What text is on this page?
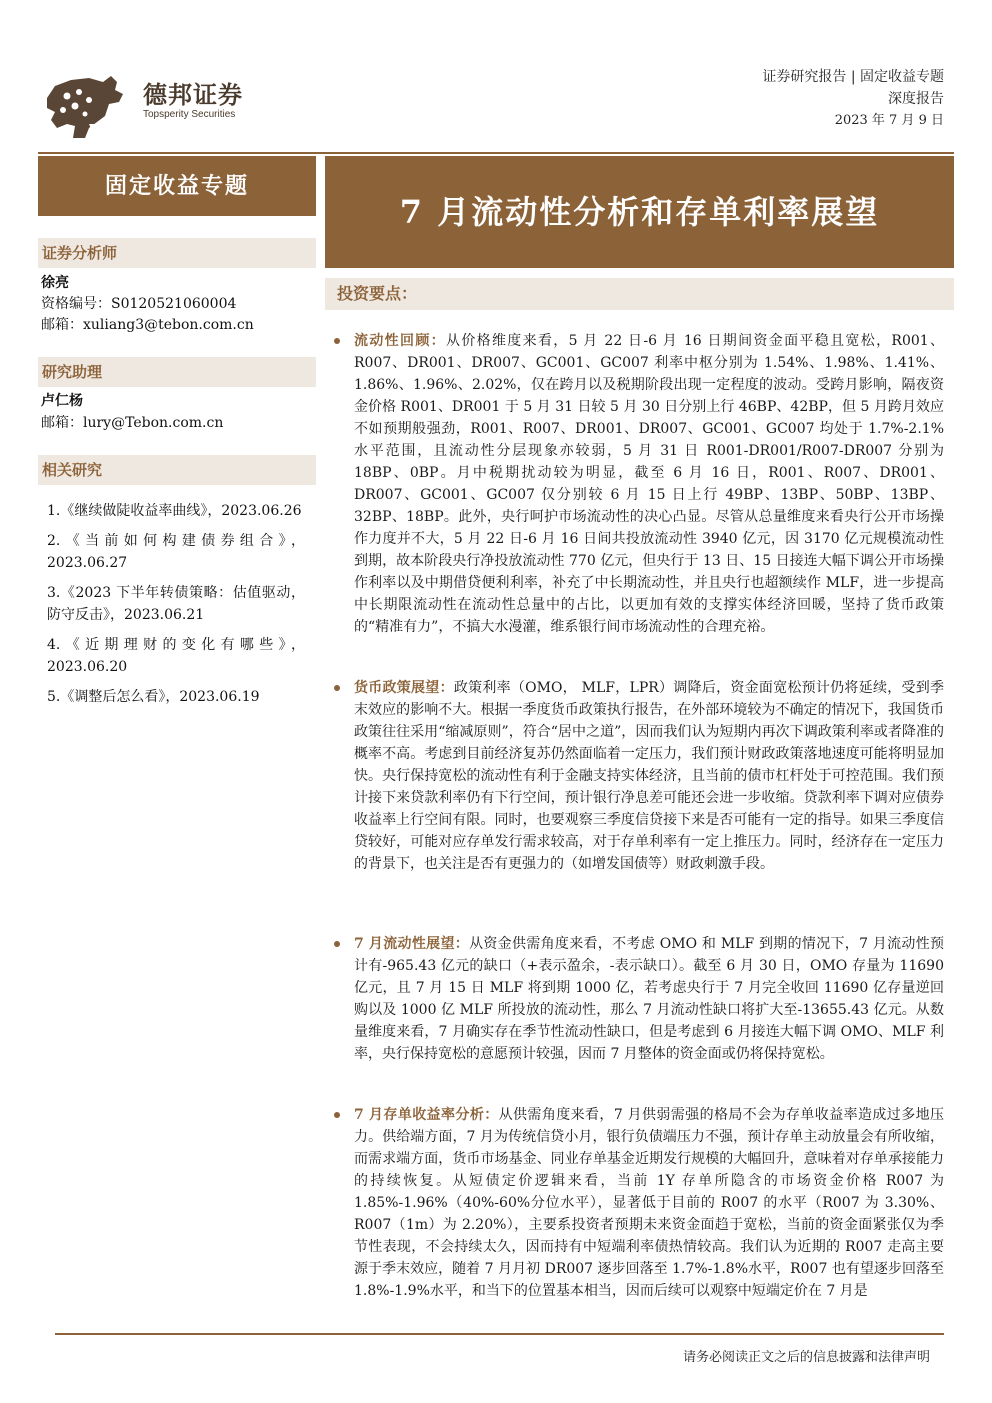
德邦证券
Topsperity Securities
证券研究报告 | 固定收益专题
深度报告
2023 年 7 月 9 日
固定收益专题
7 月流动性分析和存单利率展望
证券分析师
徐亮
资格编号：S0120521060004
邮箱：xuliang3@tebon.com.cn
研究助理
卢仁杨
邮箱：lury@Tebon.com.cn
相关研究
1.《继续做陡收益率曲线》，2023.06.26
2.《当前如何构建债券组合》，2023.06.27
3.《2023 下半年转债策略：估值驱动，防守反击》，2023.06.21
4.《近期理财的变化有哪些》，2023.06.20
5.《调整后怎么看》，2023.06.19
投资要点：
流动性回顾：从价格维度来看，5 月 22 日-6 月 16 日期间资金面平稳且宽松，R001、R007、DR001、DR007、GC001、GC007 利率中枢分别为 1.54%、1.98%、1.41%、1.86%、1.96%、2.02%，仅在跨月以及税期阶段出现一定程度的波动。受跨月影响，隔夜资金价格 R001、DR001 于 5 月 31 日较 5 月 30 日分别上行 46BP、42BP，但 5 月跨月效应不如预期般强劲，R001、R007、DR001、DR007、GC001、GC007 均处于 1.7%-2.1%水平范围，且流动性分层现象亦较弱，5 月 31 日 R001-DR001/R007-DR007 分别为 18BP、0BP。月中税期扰动较为明显，截至 6 月 16 日，R001、R007、DR001、DR007、GC001、GC007 仅分别较 6 月 15 日上行 49BP、13BP、50BP、13BP、32BP、18BP。此外，央行呵护市场流动性的决心凸显。尽管从总量维度来看央行公开市场操作力度并不大，5 月 22 日-6 月 16 日间共投放流动性 3940 亿元，因 3170 亿元规模流动性到期，故本阶段央行净投放流动性 770 亿元，但央行于 13 日、15 日接连大幅下调公开市场操作利率以及中期借贷便利利率，补充了中长期流动性，并且央行也超额续作 MLF，进一步提高中长期限流动性在流动性总量中的占比，以更加有效的支撑实体经济回暖，坚持了货币政策的“精准有力”，不搞大水漫灌，维系银行间市场流动性的合理充裕。
货币政策展望：政策利率（OMO， MLF，LPR）调降后，资金面宽松预计仍将延续，受到季末效应的影响不大。根据一季度货币政策执行报告，在外部环境较为不确定的情况下，我国货币政策往往采用“缩减原则”，符合“居中之道”，因而我们认为短期内再次下调政策利率或者降准的概率不高。考虑到目前经济复苏仍然面临着一定压力，我们预计财政政策落地速度可能将明显加快。央行保持宽松的流动性有利于金融支持实体经济，且当前的债市杠杆处于可控范围。我们预计接下来贷款利率仍有下行空间，预计银行净息差可能还会进一步收缩。贷款利率下调对应债券收益率上行空间有限。同时，也要观察三季度信贷接下来是否可能有一定的指导。如果三季度信贷较好，可能对应存单发行需求较高，对于存单利率有一定上推压力。同时，经济存在一定压力的背景下，也关注是否有更强力的（如增发国债等）财政刺激手段。
7 月流动性展望：从资金供需角度来看，不考虑 OMO 和 MLF 到期的情况下，7 月流动性预计有-965.43 亿元的缺口（+表示盈余，-表示缺口）。截至 6 月 30 日，OMO 存量为 11690 亿元，且 7 月 15 日 MLF 将到期 1000 亿，若考虑央行于 7 月完全收回 11690 亿存量逆回购以及 1000 亿 MLF 所投放的流动性，那么 7 月流动性缺口将扩大至-13655.43 亿元。从数量维度来看，7 月确实存在季节性流动性缺口，但是考虑到 6 月接连大幅下调 OMO、MLF 利率，央行保持宽松的意愿预计较强，因而 7 月整体的资金面或仍将保持宽松。
7 月存单收益率分析：从供需角度来看，7 月供弱需强的格局不会为存单收益率造成过多地压力。供给端方面，7 月为传统信贷小月，银行负债端压力不强，预计存单主动放量会有所收缩，而需求端方面，货币市场基金、同业存单基金近期发行规模的大幅回升，意味着对存单承接能力的持续恢复。从短债定价逻辑来看，当前 1Y 存单所隐含的市场资金价格 R007 为 1.85%-1.96%（40%-60%分位水平），显著低于目前的 R007 的水平（R007 为 3.30%、R007（1m）为 2.20%），主要系投资者预期未来资金面趋于宽松，当前的资金面紧张仅为季节性表现，不会持续太久，因而持有中短端利率债热情较高。我们认为近期的 R007 走高主要源于季末效应，随着 7 月月初 DR007 逐步回落至 1.7%-1.8%水平，R007 也有望逐步回落至 1.8%-1.9%水平，和当下的位置基本相当，因而后续可以观察中短端定价在 7 月是
请务必阅读正文之后的信息披露和法律声明
